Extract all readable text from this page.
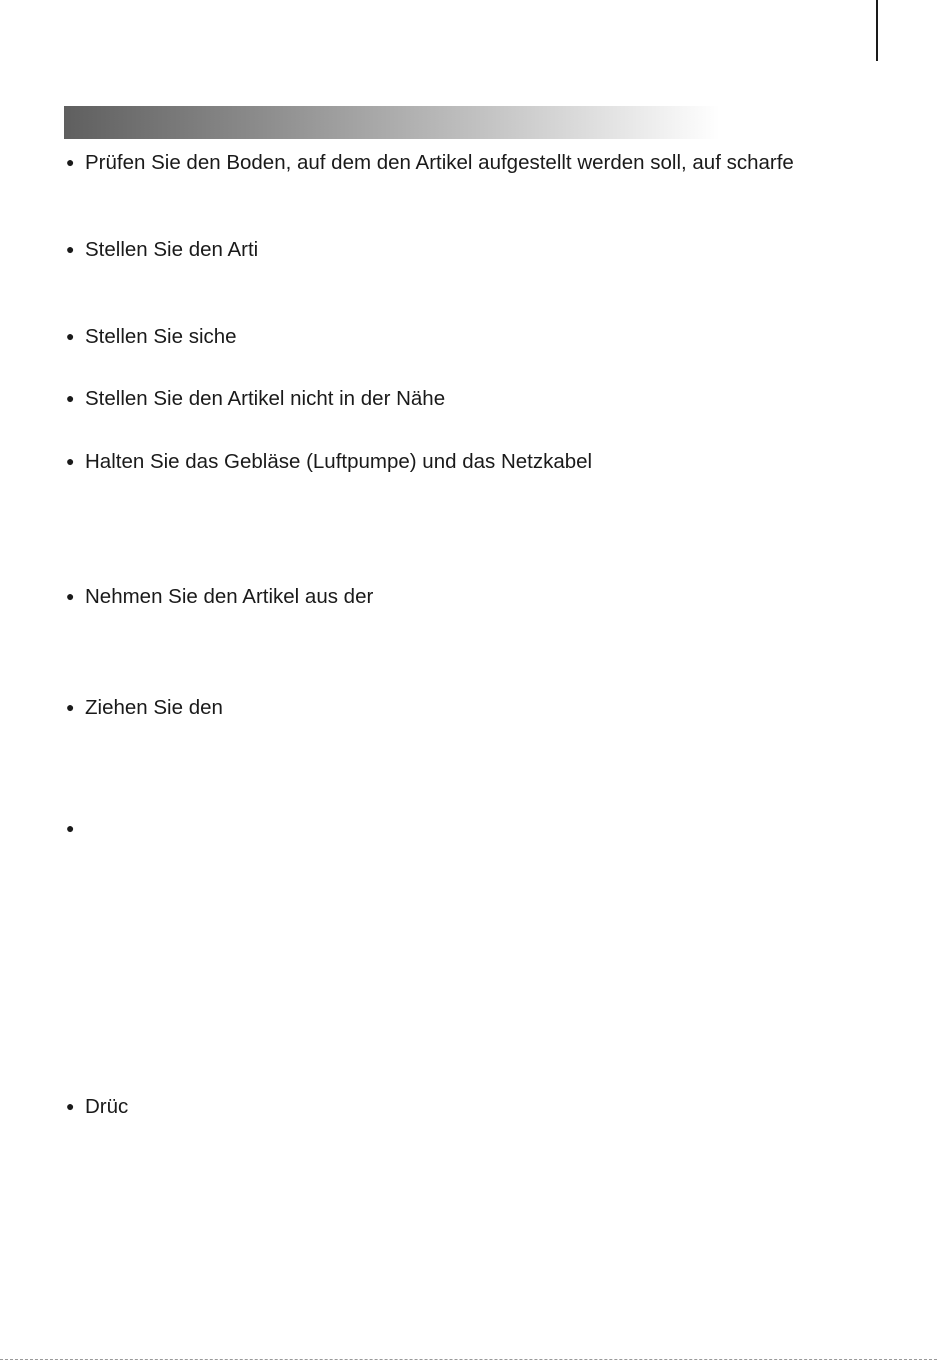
● Prüfen Sie den Boden, auf dem den Artikel aufgestellt werden soll, auf scharfe
● Stellen Sie den Arti
● Stellen Sie siche
● Stellen Sie den Artikel nicht in der Nähe
● Halten Sie das Gebläse (Luftpumpe) und das Netzkabel
● Nehmen Sie den Artikel aus der
● Ziehen Sie den
●
● Drüc
